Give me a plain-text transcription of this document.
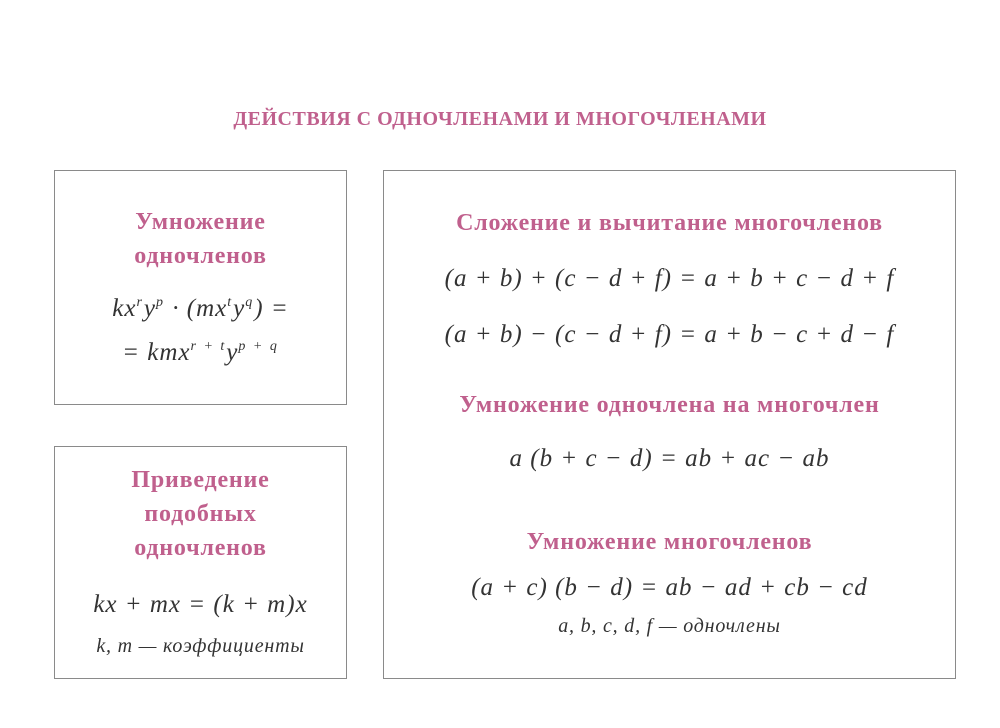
ДЕЙСТВИЯ С ОДНОЧЛЕНАМИ И МНОГОЧЛЕНАМИ
Умножение
одночленов
$kx^ry^p \cdot (mx^ty^q)$ =
= $kmx^{r + t}y^{p + q}$
Приведение
подобных
одночленов
kx + mx = (k + m)x
k, m — коэффициенты
Сложение и вычитание многочленов
(a + b) + (c − d + f) = a + b + c − d + f
(a + b) − (c − d + f) = a + b − c + d − f
Умножение одночлена на многочлен
a (b + c − d) = ab + ac − ab
Умножение многочленов
(a + c) (b − d) = ab − ad + cb − cd
a, b, c, d, f — одночлены
